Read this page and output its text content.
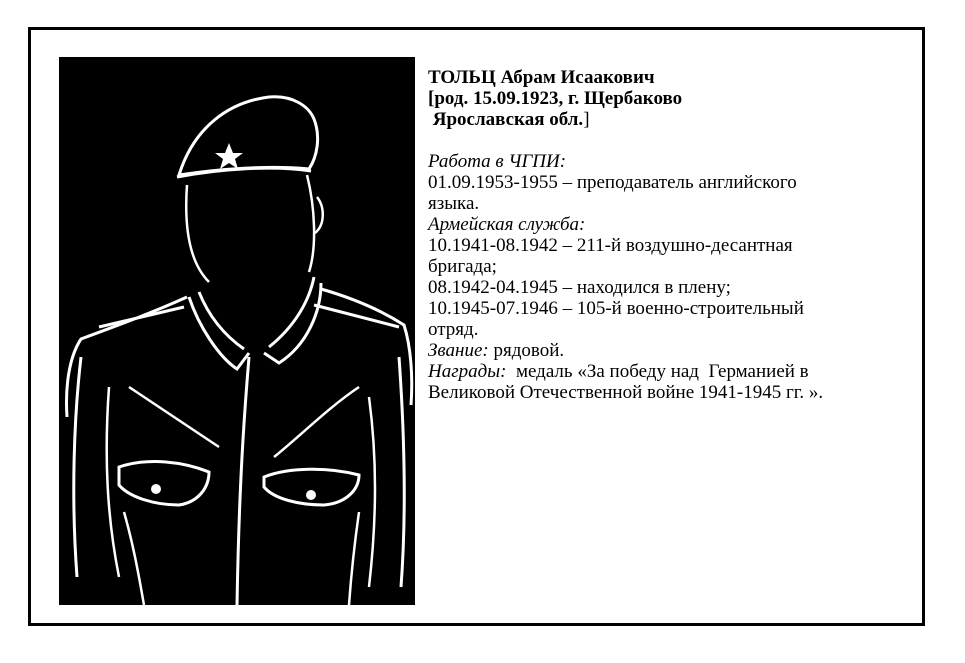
ТОЛЬЦ Абрам Исаакович
[род. 15.09.1923, г. Щербаково
Ярославская обл.]
Работа в ЧГПИ:
01.09.1953-1955 – преподаватель английского
языка.
Армейская служба:
10.1941-08.1942 – 211-й воздушно-десантная
бригада;
08.1942-04.1945 – находился в плену;
10.1945-07.1946 – 105-й военно-строительный
отряд.
Звание: рядовой.
Награды:  медаль «За победу над  Германией в
Великовой Отечественной войне 1941-1945 гг. ».
